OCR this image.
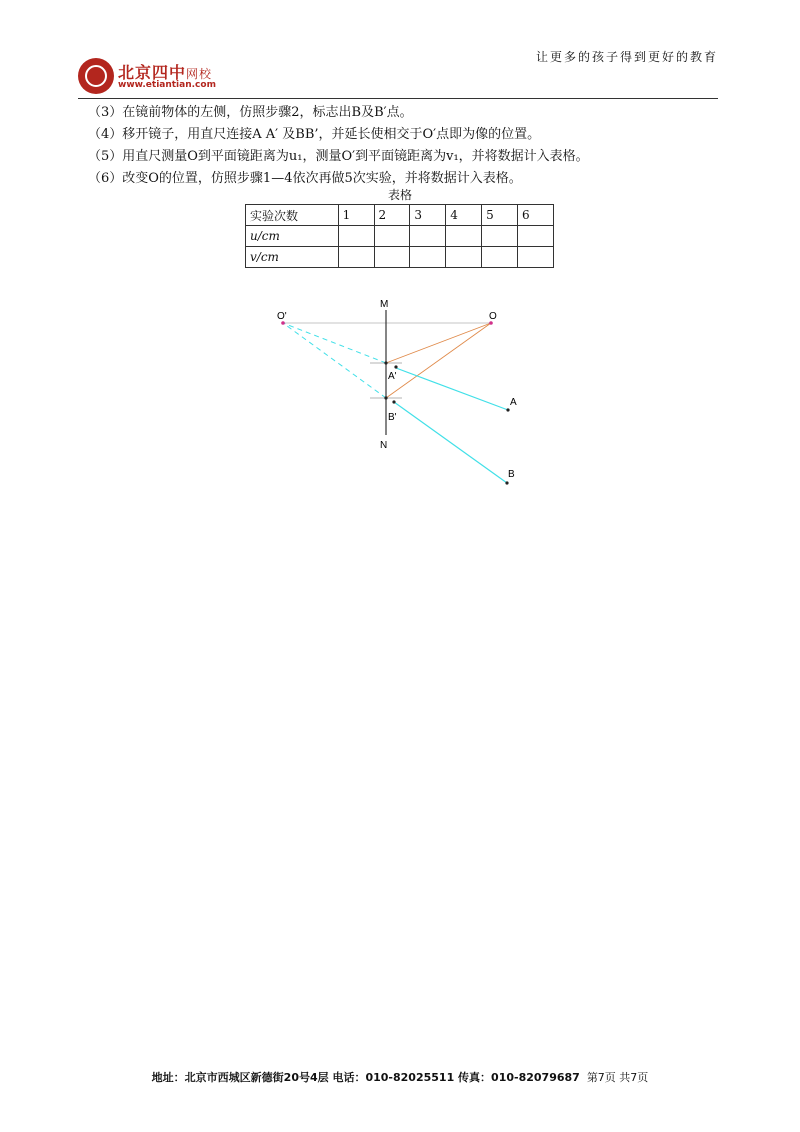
北京四中网校
www.etiantian.com
让更多的孩子得到更好的教育
（3）在镜前物体的左侧，仿照步骤2，标志出B及B′点。
（4）移开镜子，用直尺连接A A′ 及BB’，并延长使相交于O′点即为像的位置。
（5）用直尺测量O到平面镜距离为u₁，测量O′到平面镜距离为v₁，并将数据计入表格。
（6）改变O的位置，仿照步骤1—4依次再做5次实验，并将数据计入表格。
表格
实验次数	1	2	3	4	5	6
u/cm						
v/cm						
M
N
O
O'
A'
B'
A
B
地址：北京市西城区新德街20号4层 电话：010-82025511 传真：010-82079687 第7页 共7页
